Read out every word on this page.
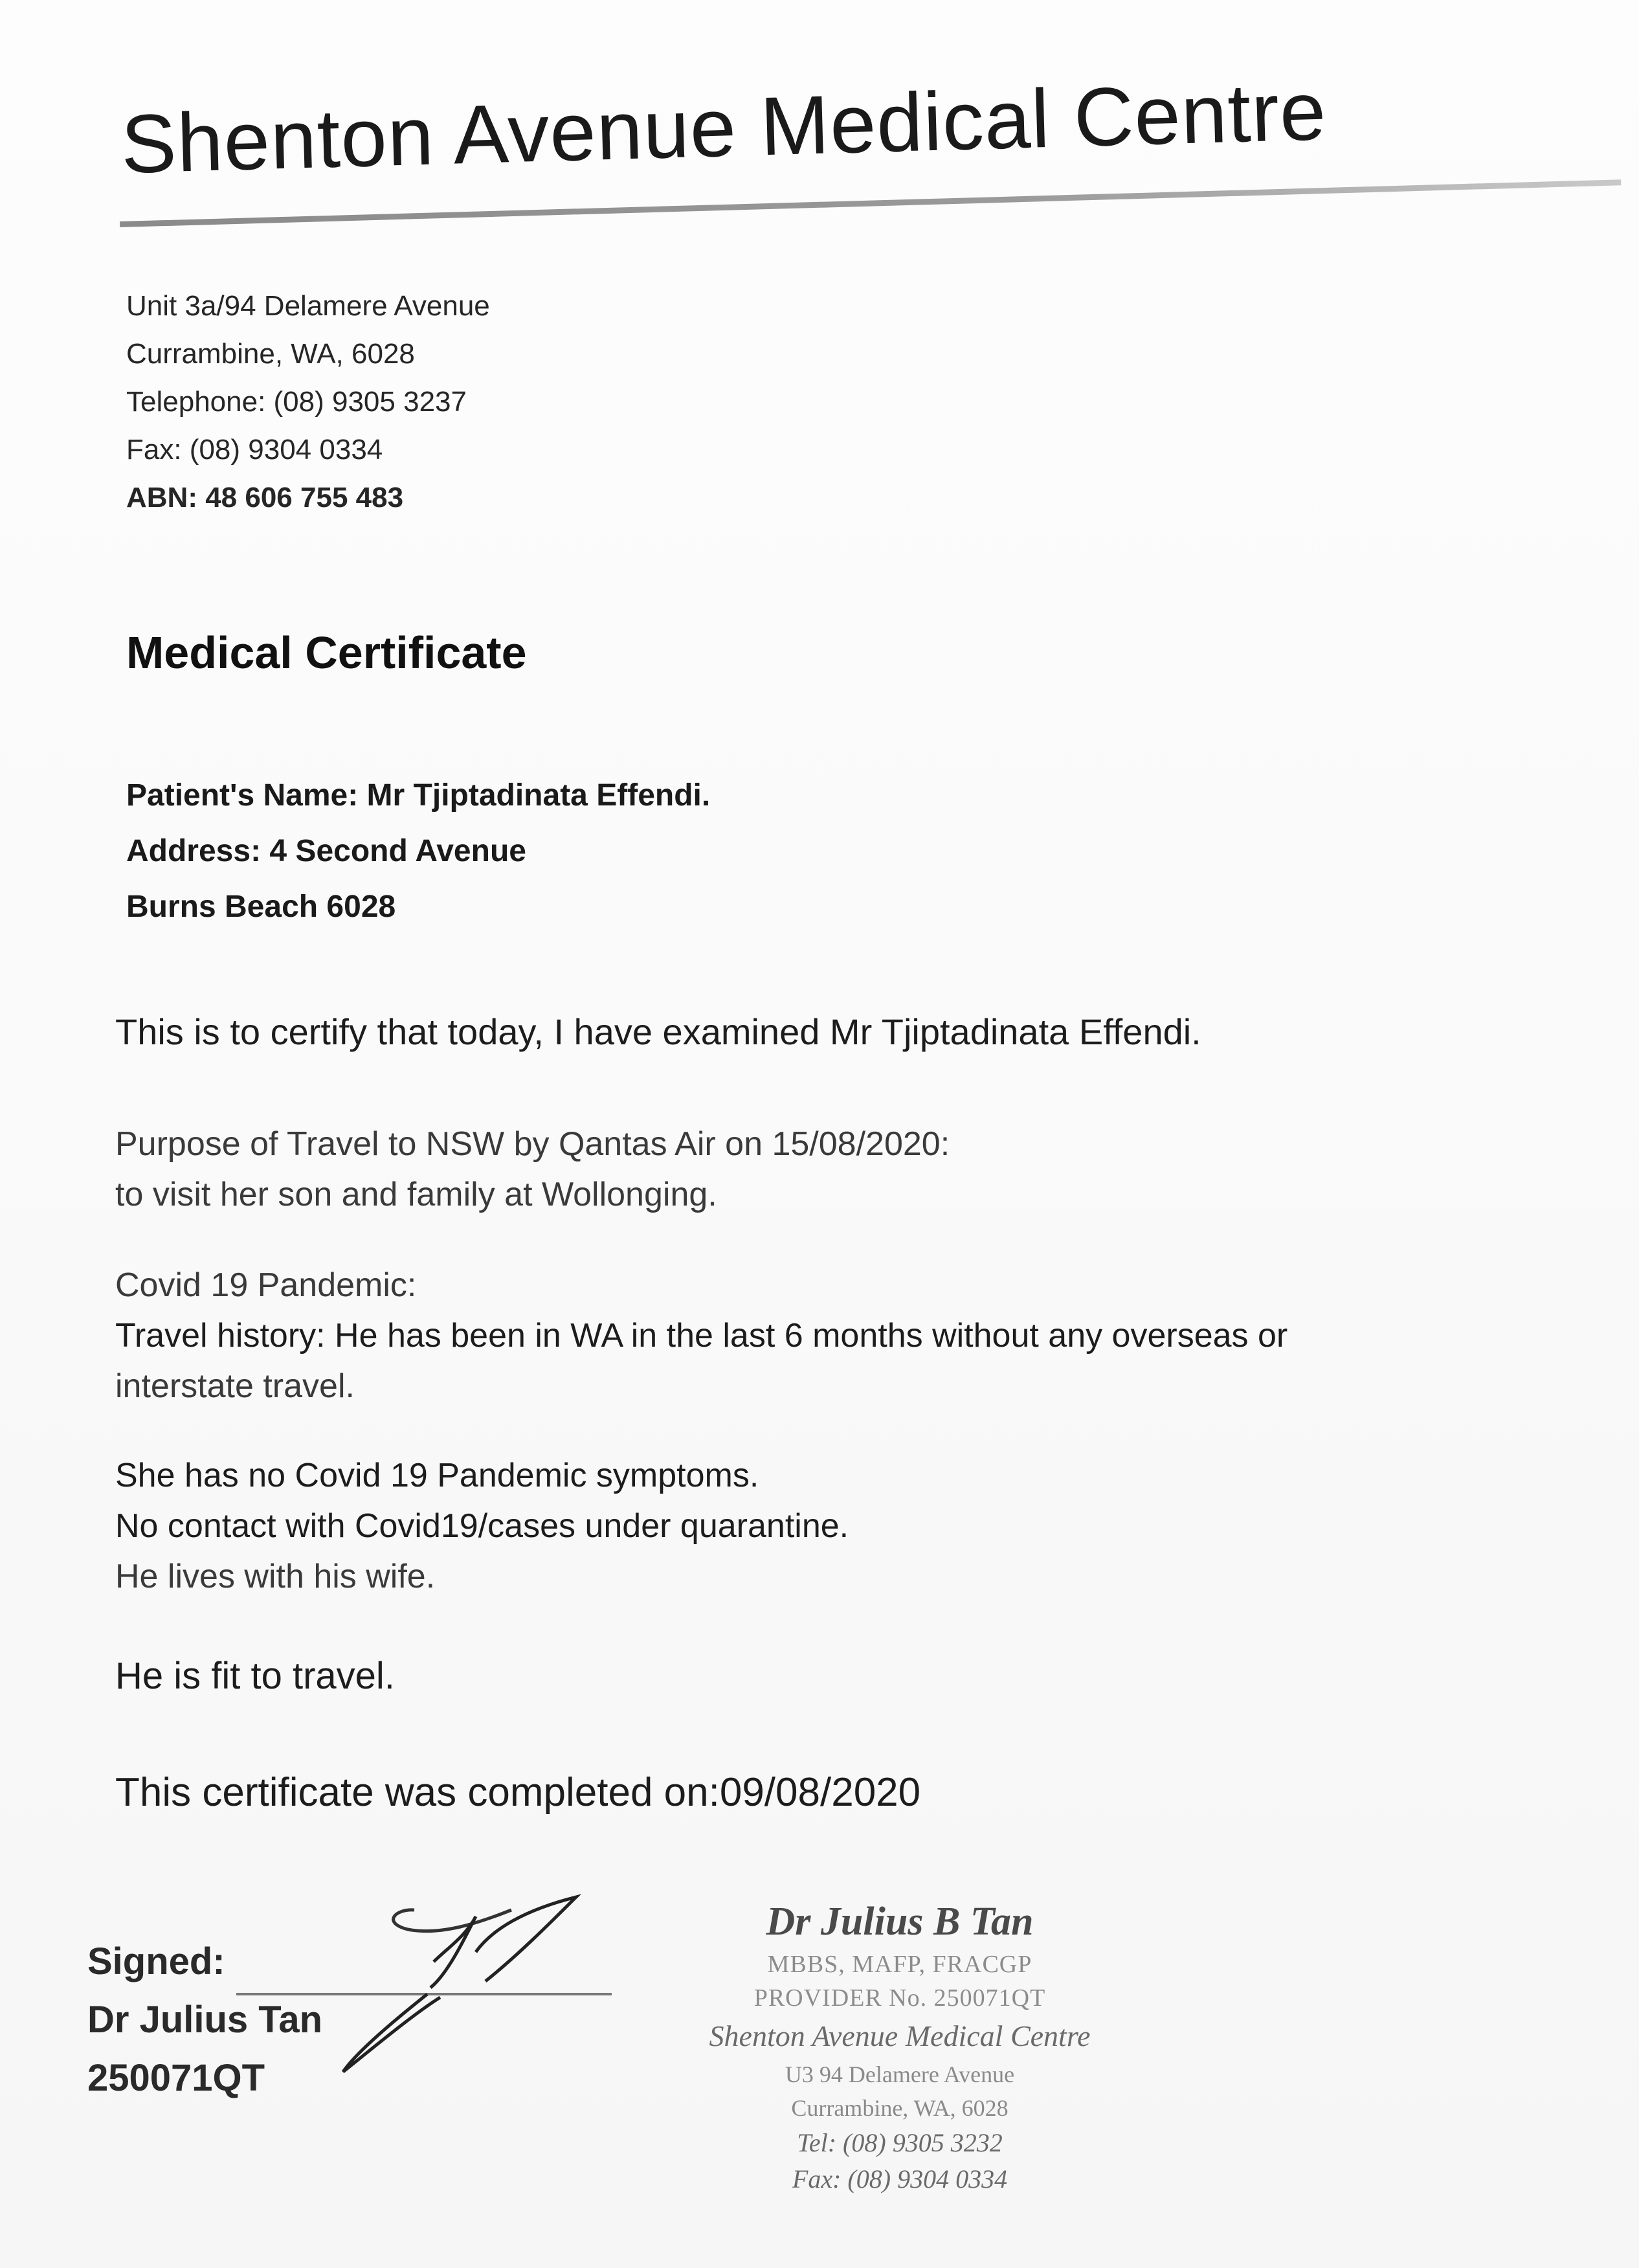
Shenton Avenue Medical Centre
Unit 3a/94 Delamere Avenue
Currambine, WA, 6028
Telephone: (08) 9305 3237
Fax: (08) 9304 0334
ABN: 48 606 755 483
Medical Certificate
Patient's Name: Mr Tjiptadinata Effendi.
Address: 4 Second Avenue
Burns Beach 6028
This is to certify that today, I have examined Mr Tjiptadinata Effendi.
Purpose of Travel to NSW by Qantas Air on 15/08/2020:
to visit her son and family at Wollonging.
Covid 19 Pandemic:
Travel history: He has been in WA in the last 6 months without any overseas or
interstate travel.
She has no Covid 19 Pandemic symptoms.
No contact with Covid19/cases under quarantine.
He lives with his wife.
He is fit to travel.
This certificate was completed on:09/08/2020
Signed:
Dr Julius Tan
250071QT
Dr Julius B Tan
MBBS, MAFP, FRACGP
PROVIDER No. 250071QT
Shenton Avenue Medical Centre
U3 94 Delamere Avenue
Currambine, WA, 6028
Tel: (08) 9305 3232
Fax: (08) 9304 0334
